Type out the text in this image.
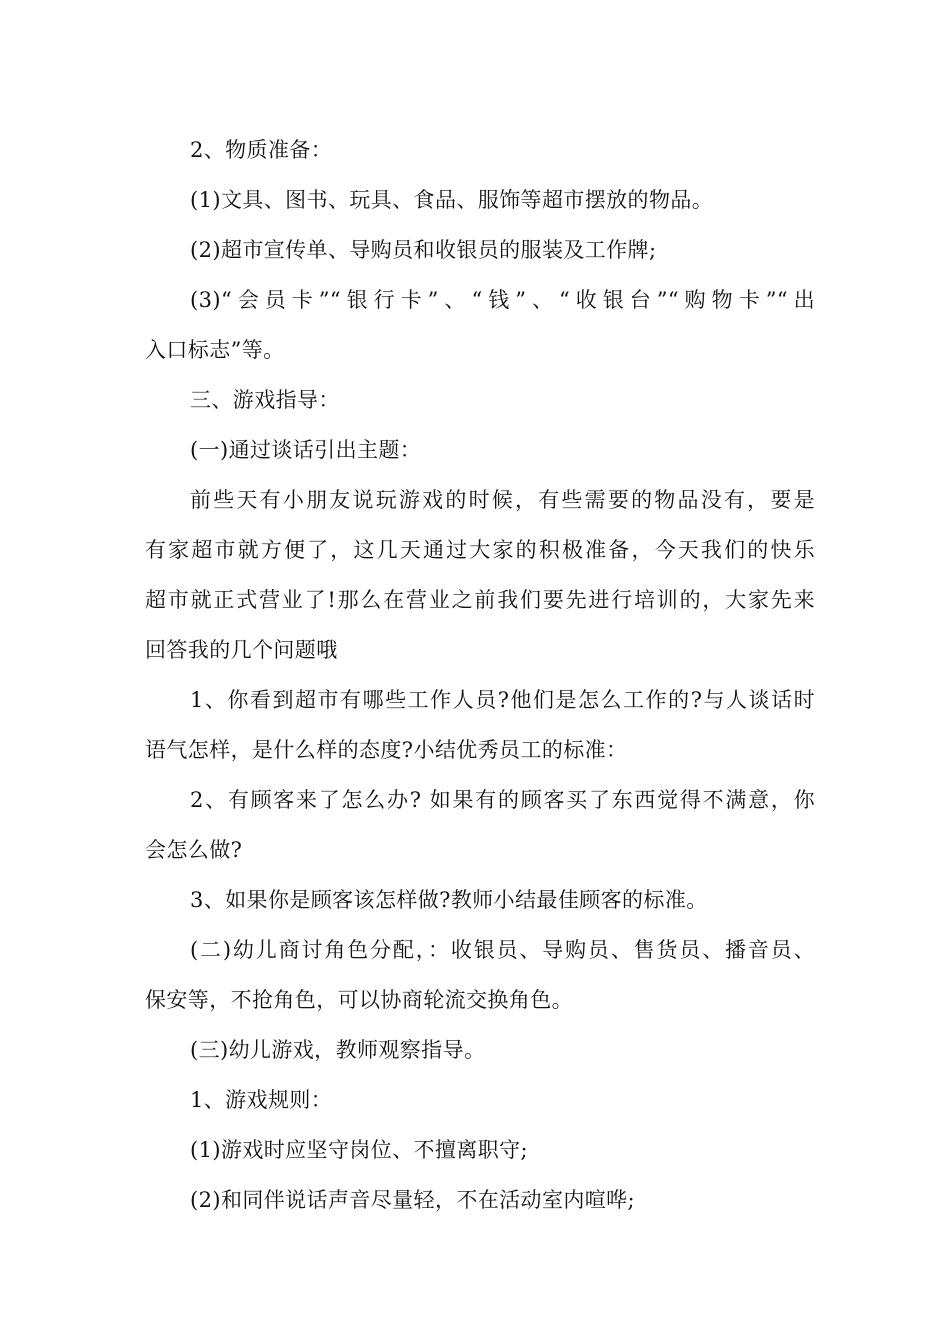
2、物质准备：
(1)文具、图书、玩具、食品、服饰等超市摆放的物品。
(2)超市宣传单、导购员和收银员的服装及工作牌;
(3)“会员卡”“银行卡”、“钱”、“收银台”“购物卡”“出
入口标志”等。
三、游戏指导：
(一)通过谈话引出主题：
前些天有小朋友说玩游戏的时候，有些需要的物品没有，要是
有家超市就方便了，这几天通过大家的积极准备，今天我们的快乐
超市就正式营业了!那么在营业之前我们要先进行培训的，大家先来
回答我的几个问题哦
1、你看到超市有哪些工作人员?他们是怎么工作的?与人谈话时
语气怎样，是什么样的态度?小结优秀员工的标准：
2、有顾客来了怎么办? 如果有的顾客买了东西觉得不满意，你
会怎么做?
3、如果你是顾客该怎样做?教师小结最佳顾客的标准。
(二)幼儿商讨角色分配，：收银员、导购员、售货员、播音员、
保安等，不抢角色，可以协商轮流交换角色。
(三)幼儿游戏，教师观察指导。
1、游戏规则：
(1)游戏时应坚守岗位、不擅离职守;
(2)和同伴说话声音尽量轻，不在活动室内喧哗;
